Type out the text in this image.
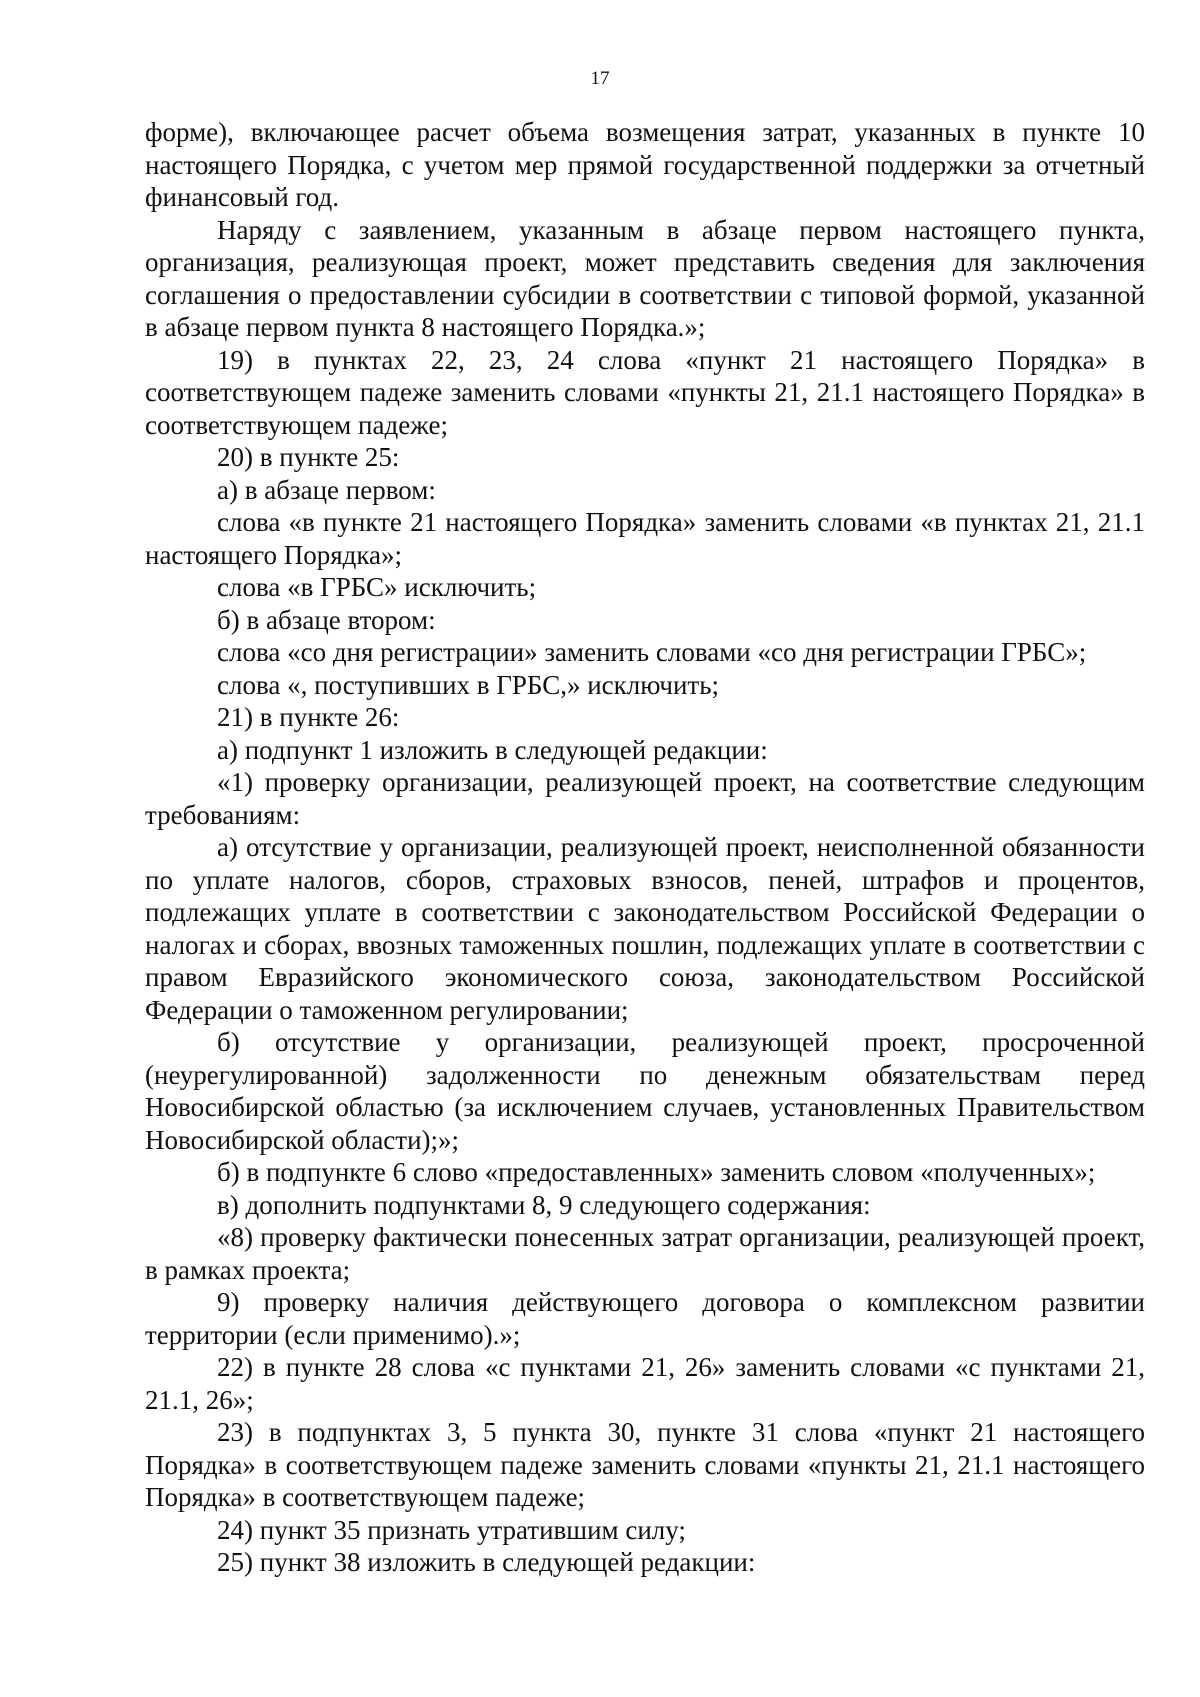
17

форме), включающее расчет объема возмещения затрат, указанных в пункте 10 настоящего Порядка, с учетом мер прямой государственной поддержки за отчетный финансовый год.

Наряду с заявлением, указанным в абзаце первом настоящего пункта, организация, реализующая проект, может представить сведения для заключения соглашения о предоставлении субсидии в соответствии с типовой формой, указанной в абзаце первом пункта 8 настоящего Порядка.»;

19) в пунктах 22, 23, 24 слова «пункт 21 настоящего Порядка» в соответствующем падеже заменить словами «пункты 21, 21.1 настоящего Порядка» в соответствующем падеже;

20) в пункте 25:

а) в абзаце первом:

слова «в пункте 21 настоящего Порядка» заменить словами «в пунктах 21, 21.1 настоящего Порядка»;

слова «в ГРБС» исключить;

б) в абзаце втором:

слова «со дня регистрации» заменить словами «со дня регистрации ГРБС»;

слова «, поступивших в ГРБС,» исключить;

21) в пункте 26:

а) подпункт 1 изложить в следующей редакции:

«1) проверку организации, реализующей проект, на соответствие следующим требованиям:

а) отсутствие у организации, реализующей проект, неисполненной обязанности по уплате налогов, сборов, страховых взносов, пеней, штрафов и процентов, подлежащих уплате в соответствии с законодательством Российской Федерации о налогах и сборах, ввозных таможенных пошлин, подлежащих уплате в соответствии с правом Евразийского экономического союза, законодательством Российской Федерации о таможенном регулировании;

б) отсутствие у организации, реализующей проект, просроченной (неурегулированной) задолженности по денежным обязательствам перед Новосибирской областью (за исключением случаев, установленных Правительством Новосибирской области);»;

б) в подпункте 6 слово «предоставленных» заменить словом «полученных»;

в) дополнить подпунктами 8, 9 следующего содержания:

«8) проверку фактически понесенных затрат организации, реализующей проект, в рамках проекта;

9) проверку наличия действующего договора о комплексном развитии территории (если применимо).»;

22) в пункте 28 слова «с пунктами 21, 26» заменить словами «с пунктами 21, 21.1, 26»;

23) в подпунктах 3, 5 пункта 30, пункте 31 слова «пункт 21 настоящего Порядка» в соответствующем падеже заменить словами «пункты 21, 21.1 настоящего Порядка» в соответствующем падеже;

24) пункт 35 признать утратившим силу;

25) пункт 38 изложить в следующей редакции:
